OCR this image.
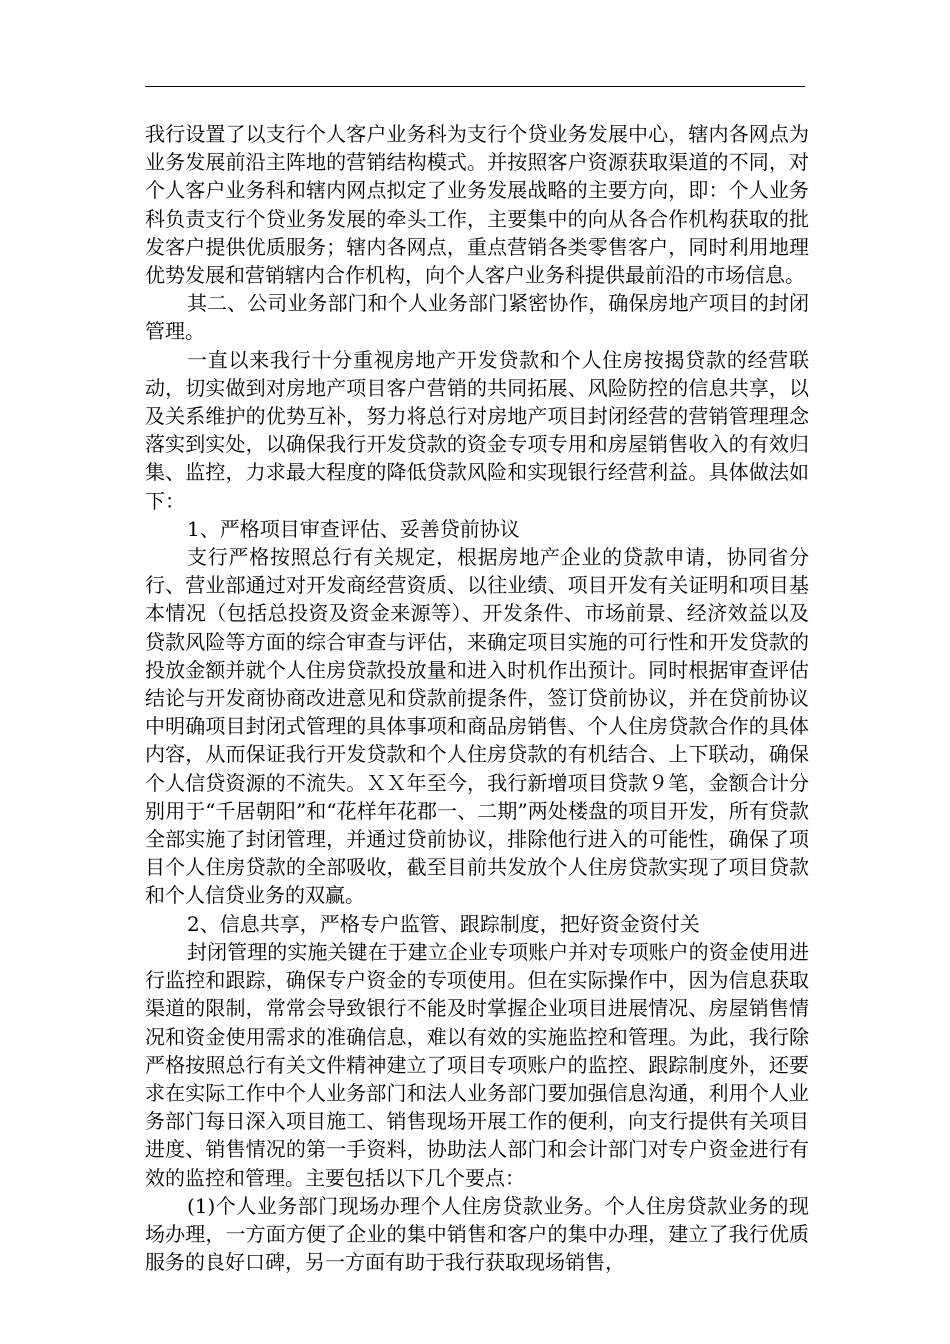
我行设置了以支行个人客户业务科为支行个贷业务发展中心，辖内各网点为业务发展前沿主阵地的营销结构模式。并按照客户资源获取渠道的不同，对个人客户业务科和辖内网点拟定了业务发展战略的主要方向，即：个人业务科负责支行个贷业务发展的牵头工作，主要集中的向从各合作机构获取的批发客户提供优质服务；辖内各网点，重点营销各类零售客户，同时利用地理优势发展和营销辖内合作机构，向个人客户业务科提供最前沿的市场信息。

其二、公司业务部门和个人业务部门紧密协作，确保房地产项目的封闭管理。

一直以来我行十分重视房地产开发贷款和个人住房按揭贷款的经营联动，切实做到对房地产项目客户营销的共同拓展、风险防控的信息共享，以及关系维护的优势互补，努力将总行对房地产项目封闭经营的营销管理理念落实到实处，以确保我行开发贷款的资金专项专用和房屋销售收入的有效归集、监控，力求最大程度的降低贷款风险和实现银行经营利益。具体做法如下：

1、严格项目审查评估、妥善贷前协议

支行严格按照总行有关规定，根据房地产企业的贷款申请，协同省分行、营业部通过对开发商经营资质、以往业绩、项目开发有关证明和项目基本情况（包括总投资及资金来源等）、开发条件、市场前景、经济效益以及贷款风险等方面的综合审查与评估，来确定项目实施的可行性和开发贷款的投放金额并就个人住房贷款投放量和进入时机作出预计。同时根据审查评估结论与开发商协商改进意见和贷款前提条件，签订贷前协议，并在贷前协议中明确项目封闭式管理的具体事项和商品房销售、个人住房贷款合作的具体内容，从而保证我行开发贷款和个人住房贷款的有机结合、上下联动，确保个人信贷资源的不流失。ＸＸ年至今，我行新增项目贷款９笔，金额合计分别用于“千居朝阳”和“花样年花郡一、二期”两处楼盘的项目开发，所有贷款全部实施了封闭管理，并通过贷前协议，排除他行进入的可能性，确保了项目个人住房贷款的全部吸收，截至目前共发放个人住房贷款实现了项目贷款和个人信贷业务的双赢。

2、信息共享，严格专户监管、跟踪制度，把好资金资付关

封闭管理的实施关键在于建立企业专项账户并对专项账户的资金使用进行监控和跟踪，确保专户资金的专项使用。但在实际操作中，因为信息获取渠道的限制，常常会导致银行不能及时掌握企业项目进展情况、房屋销售情况和资金使用需求的准确信息，难以有效的实施监控和管理。为此，我行除严格按照总行有关文件精神建立了项目专项账户的监控、跟踪制度外，还要求在实际工作中个人业务部门和法人业务部门要加强信息沟通，利用个人业务部门每日深入项目施工、销售现场开展工作的便利，向支行提供有关项目进度、销售情况的第一手资料，协助法人部门和会计部门对专户资金进行有效的监控和管理。主要包括以下几个要点：

(1)个人业务部门现场办理个人住房贷款业务。个人住房贷款业务的现场办理，一方面方便了企业的集中销售和客户的集中办理，建立了我行优质服务的良好口碑，另一方面有助于我行获取现场销售，
